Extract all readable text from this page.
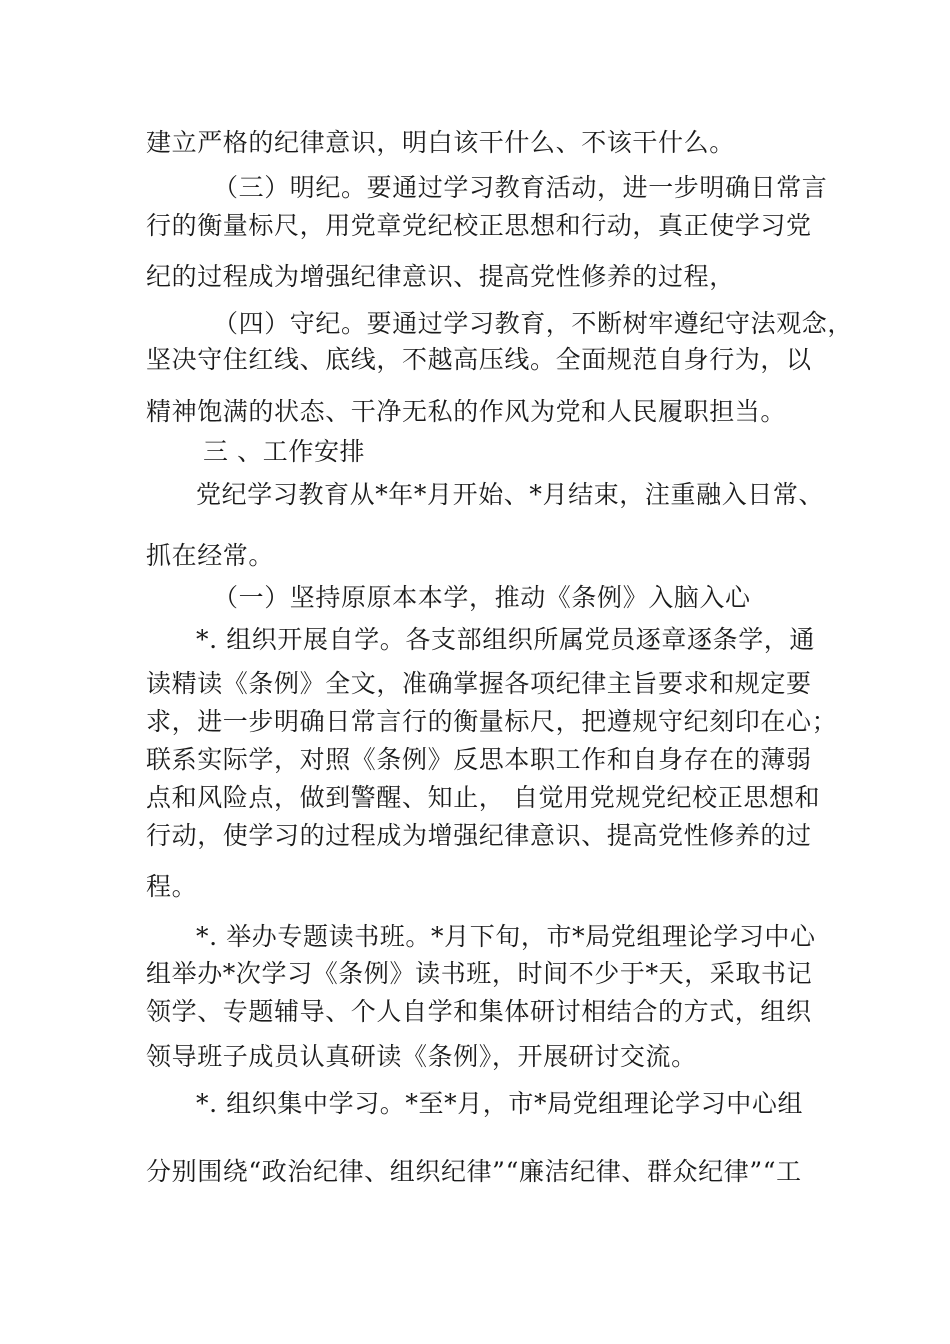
建立严格的纪律意识，明白该干什么、不该干什么。
（三）明纪。要通过学习教育活动，进一步明确日常言
行的衡量标尺，用党章党纪校正思想和行动，真正使学习党
纪的过程成为增强纪律意识、提高党性修养的过程，
（四）守纪。要通过学习教育，不断树牢遵纪守法观念，
坚决守住红线、底线，不越高压线。全面规范自身行为，以
精神饱满的状态、干净无私的作风为党和人民履职担当。
三 、工作安排
党纪学习教育从*年*月开始、*月结束，注重融入日常、
抓在经常。
（一）坚持原原本本学，推动《条例》入脑入心
*. 组织开展自学。各支部组织所属党员逐章逐条学，通
读精读《条例》全文，准确掌握各项纪律主旨要求和规定要
求，进一步明确日常言行的衡量标尺，把遵规守纪刻印在心；
联系实际学，对照《条例》反思本职工作和自身存在的薄弱
点和风险点，做到警醒、知止， 自觉用党规党纪校正思想和
行动，使学习的过程成为增强纪律意识、提高党性修养的过
程。
*. 举办专题读书班。*月下旬，市*局党组理论学习中心
组举办*次学习《条例》读书班，时间不少于*天，采取书记
领学、专题辅导、个人自学和集体研讨相结合的方式，组织
领导班子成员认真研读《条例》，开展研讨交流。
*. 组织集中学习。*至*月，市*局党组理论学习中心组
分别围绕“政治纪律、组织纪律”“廉洁纪律、群众纪律”“工
